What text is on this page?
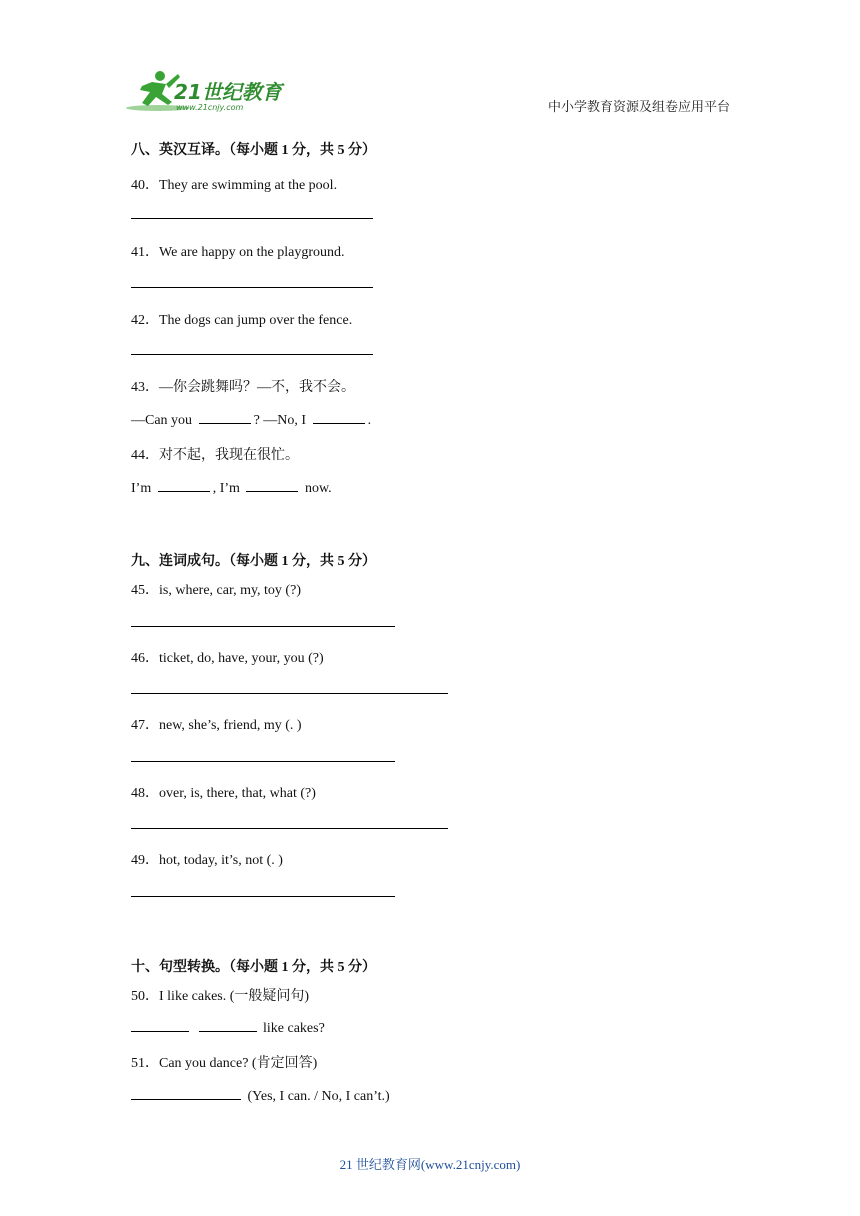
21世纪教育
www.21cnjy.com	中小学教育资源及组卷应用平台
八、英汉互译。（每小题 1 分，共 5 分）
40．They are swimming at the pool.
41．We are happy on the playground.
42．The dogs can jump over the fence.
43．—你会跳舞吗？—不，我不会。
—Can you	? —No, I	.
44．对不起，我现在很忙。
I’m	, I’m	now.
九、连词成句。（每小题 1 分，共 5 分）
45．is, where, car, my, toy (?)
46．ticket, do, have, your, you (?)
47．new, she’s, friend, my (. )
48．over, is, there, that, what (?)
49．hot, today, it’s, not (. )
十、句型转换。（每小题 1 分，共 5 分）
50．I like cakes. (一般疑问句)
like cakes?
51．Can you dance? (肯定回答)
(Yes, I can. / No, I can’t.)
21 世纪教育网(www.21cnjy.com)
